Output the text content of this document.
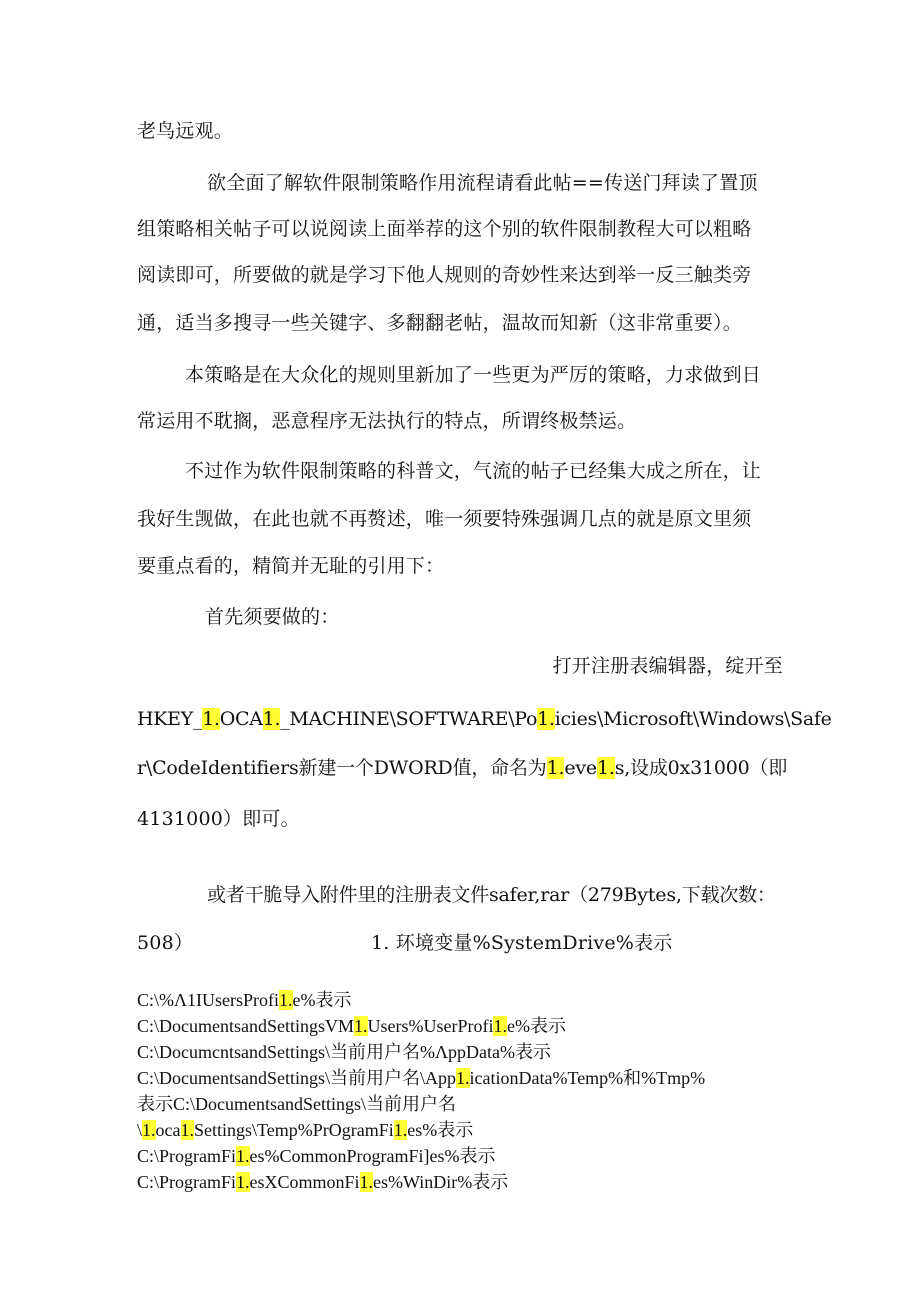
老鸟远观。
欲全面了解软件限制策略作用流程请看此帖==传送门拜读了置顶
组策略相关帖子可以说阅读上面举荐的这个别的软件限制教程大可以粗略
阅读即可，所要做的就是学习下他人规则的奇妙性来达到举一反三触类旁
通，适当多搜寻一些关键字、多翻翻老帖，温故而知新（这非常重要）。
本策略是在大众化的规则里新加了一些更为严厉的策略，力求做到日
常运用不耽搁，恶意程序无法执行的特点，所谓终极禁运。
不过作为软件限制策略的科普文，气流的帖子已经集大成之所在，让
我好生觊做，在此也就不再赘述，唯一须要特殊强调几点的就是原文里须
要重点看的，精简并无耻的引用下：
首先须要做的：
打开注册表编辑器，绽开至
HKEY_1.OCA1._MACHINE\SOFTWARE\Po1.icies\Microsoft\Windows\Safe
r\CodeIdentifiers新建一个DWORD值，命名为1.eve1.s,设成0x31000（即
4131000）即可。
或者干脆导入附件里的注册表文件safer,rar（279Bytes,下载次数：
508）	1. 环境变量%SystemDrive%表示
C:\%Λ1IUsersProfi1.e%表示
C:\DocumentsandSettingsVM1.Users%UserProfi1.e%表示
C:\DocumcntsandSettings\当前用户名%ΛppData%表示
C:\DocumentsandSettings\当前用户名\App1.icationData%Temp%和%Tmp%
表示C:\DocumentsandSettings\当前用户名
\1.oca1.Settings\Temp%PrOgramFi1.es%表示
C:\ProgramFi1.es%CommonProgramFi]es%表示
C:\ProgramFi1.esXCommonFi1.es%WinDir%表示
